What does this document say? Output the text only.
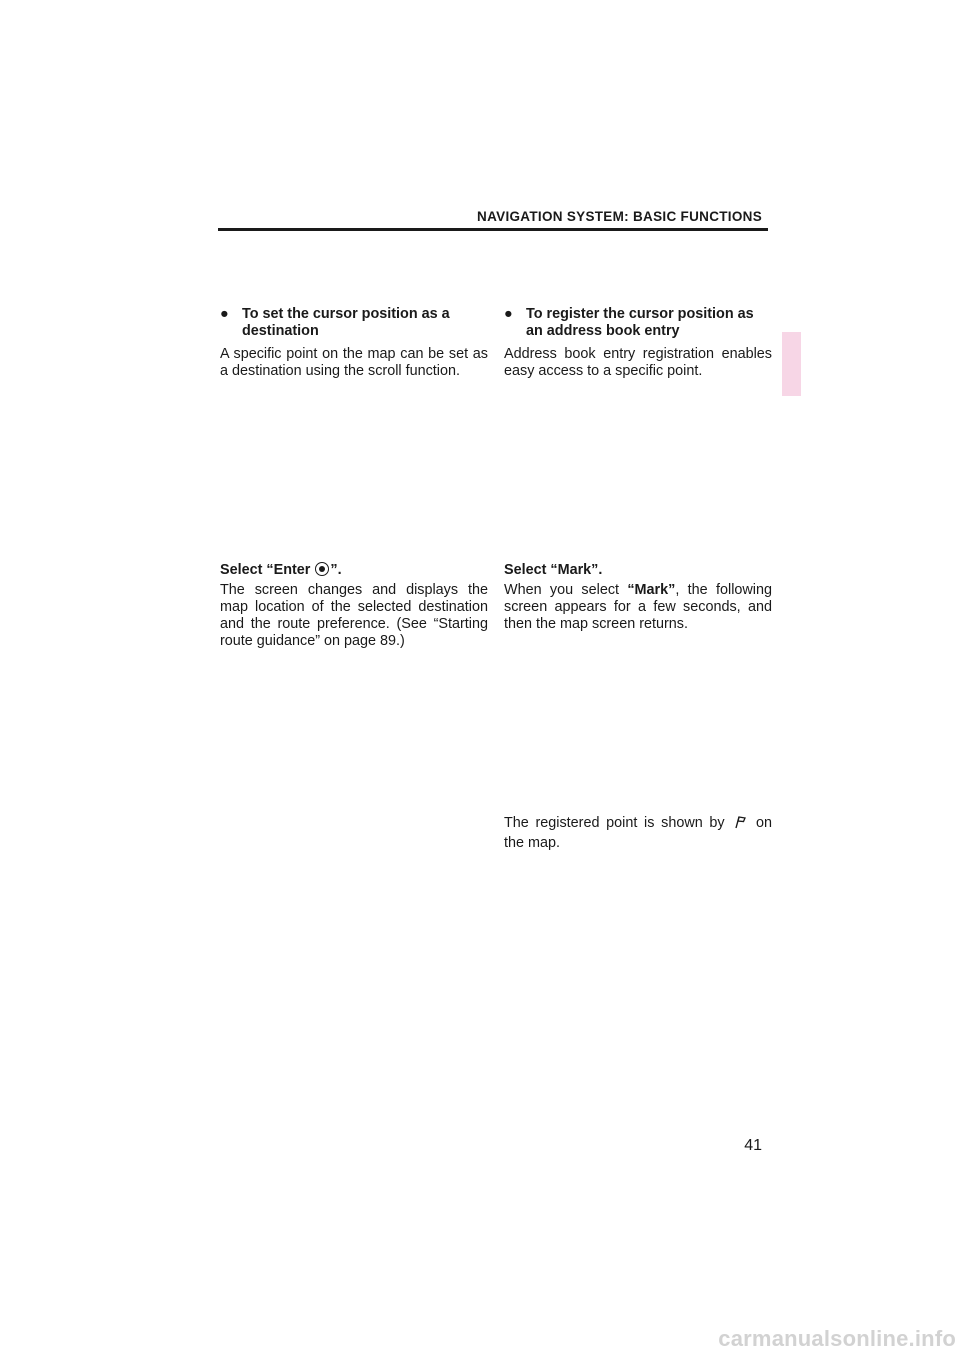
NAVIGATION SYSTEM: BASIC FUNCTIONS
● To set the cursor position as a destination

A specific point on the map can be set as a destination using the scroll function.

● To register the cursor position as an address book entry

Address book entry registration enables easy access to a specific point.

Select “Enter ”.

The screen changes and displays the map location of the selected destination and the route preference. (See “Starting route guidance” on page 89.)

Select “Mark”.

When you select “Mark”, the following screen appears for a few seconds, and then the map screen returns.

The registered point is shown by  on the map.

41
carmanualsonline.info
